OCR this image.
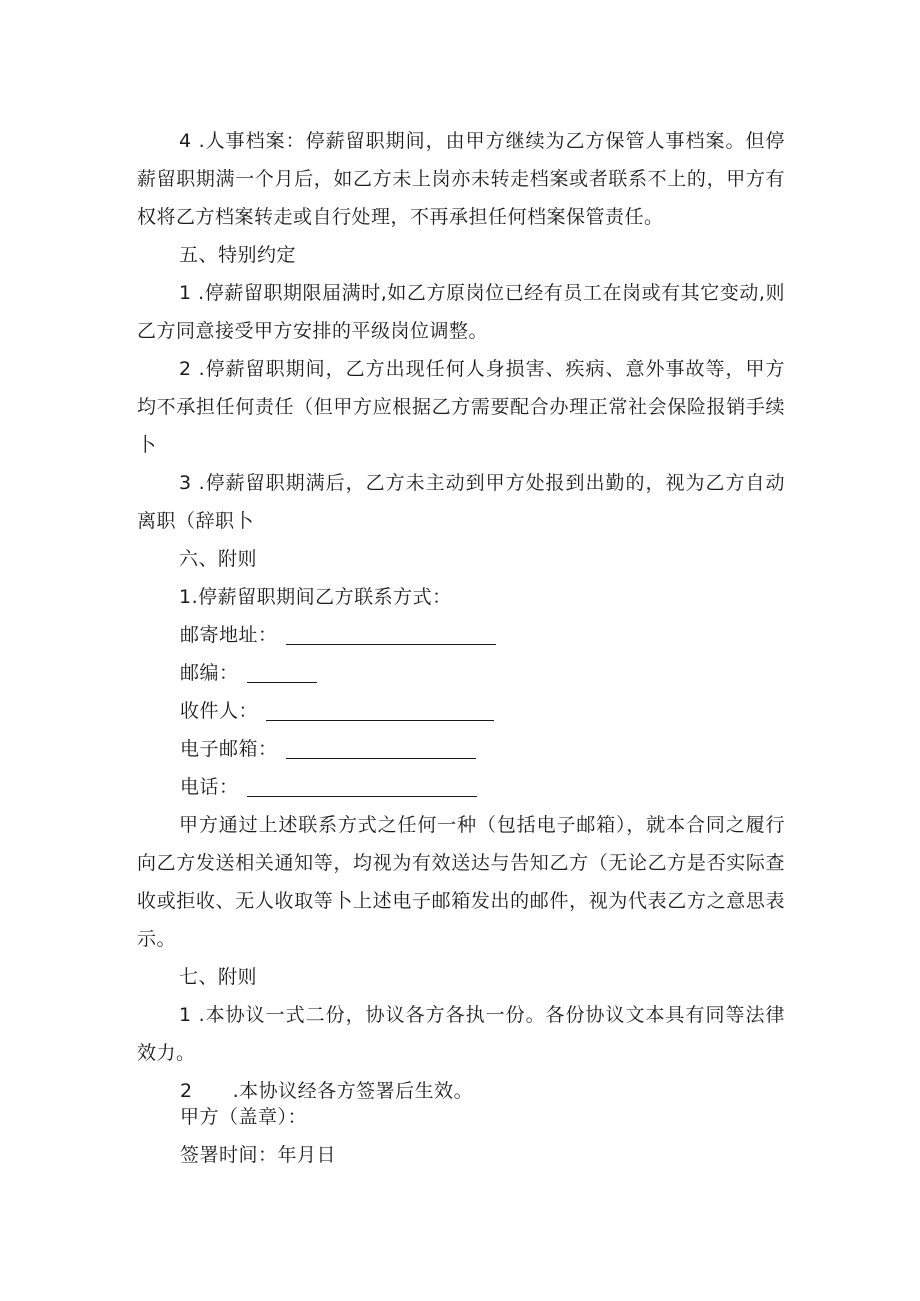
4 .人事档案：停薪留职期间，由甲方继续为乙方保管人事档案。但停薪留职期满一个月后，如乙方未上岗亦未转走档案或者联系不上的，甲方有权将乙方档案转走或自行处理，不再承担任何档案保管责任。

五、特别约定

1 .停薪留职期限届满时,如乙方原岗位已经有员工在岗或有其它变动,则乙方同意接受甲方安排的平级岗位调整。

2 .停薪留职期间，乙方出现任何人身损害、疾病、意外事故等，甲方均不承担任何责任（但甲方应根据乙方需要配合办理正常社会保险报销手续卜

3 .停薪留职期满后，乙方未主动到甲方处报到出勤的，视为乙方自动离职（辞职卜

六、附则

1.停薪留职期间乙方联系方式：

邮寄地址：

邮编：

收件人：

电子邮箱：

电话：

甲方通过上述联系方式之任何一种（包括电子邮箱），就本合同之履行向乙方发送相关通知等，均视为有效送达与告知乙方（无论乙方是否实际查收或拒收、无人收取等卜上述电子邮箱发出的邮件，视为代表乙方之意思表示。

七、附则

1 .本协议一式二份，协议各方各执一份。各份协议文本具有同等法律效力。

2 .本协议经各方签署后生效。

甲方（盖章）：

签署时间：年月日
